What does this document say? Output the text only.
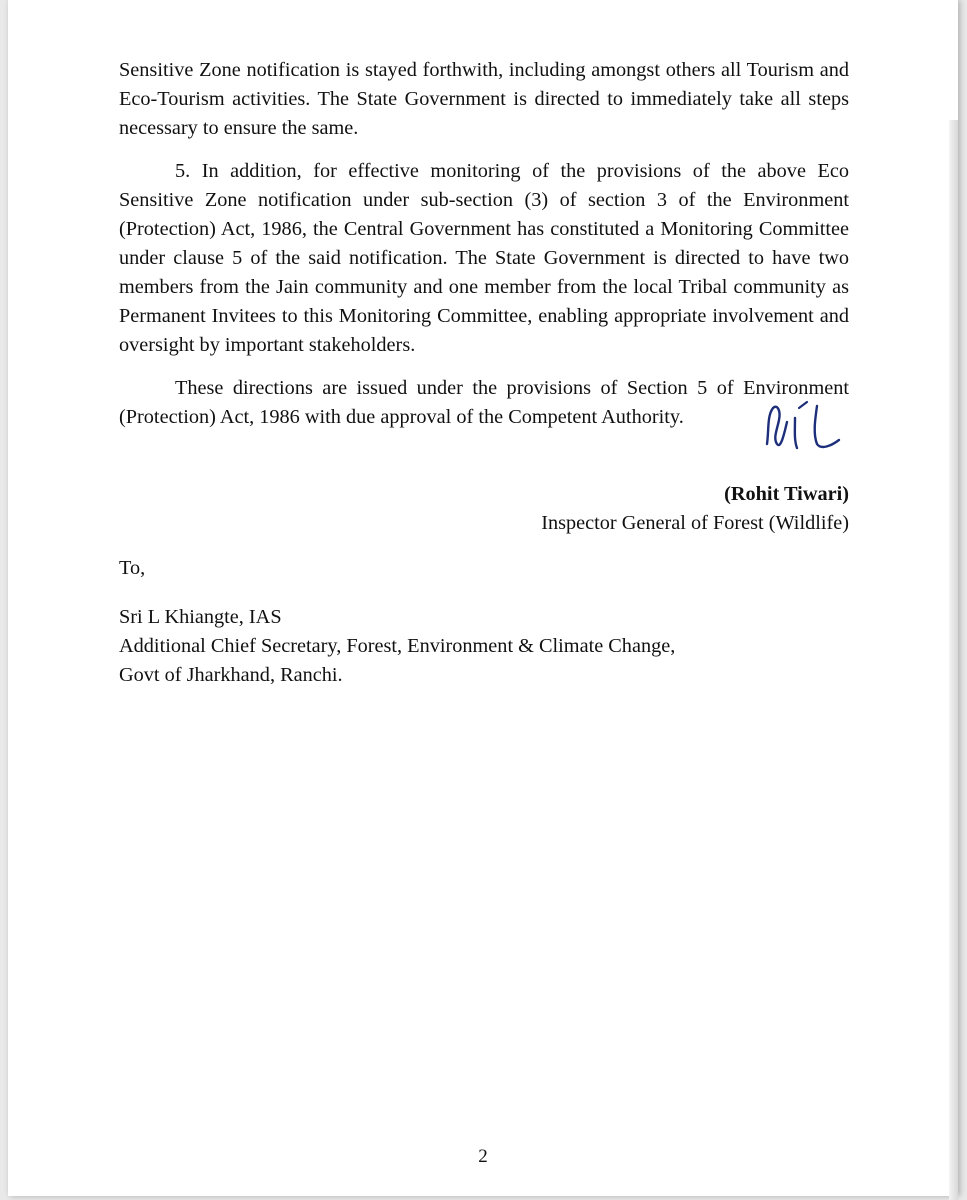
Sensitive Zone notification is stayed forthwith, including amongst others all Tourism and Eco-Tourism activities. The State Government is directed to immediately take all steps necessary to ensure the same.

5. In addition, for effective monitoring of the provisions of the above Eco Sensitive Zone notification under sub-section (3) of section 3 of the Environment (Protection) Act, 1986, the Central Government has constituted a Monitoring Committee under clause 5 of the said notification. The State Government is directed to have two members from the Jain community and one member from the local Tribal community as Permanent Invitees to this Monitoring Committee, enabling appropriate involvement and oversight by important stakeholders.

These directions are issued under the provisions of Section 5 of Environment (Protection) Act, 1986 with due approval of the Competent Authority.

(Rohit Tiwari)
Inspector General of Forest (Wildlife)

To,

Sri L Khiangte, IAS

Additional Chief Secretary, Forest, Environment & Climate Change,

Govt of Jharkhand, Ranchi.

2
